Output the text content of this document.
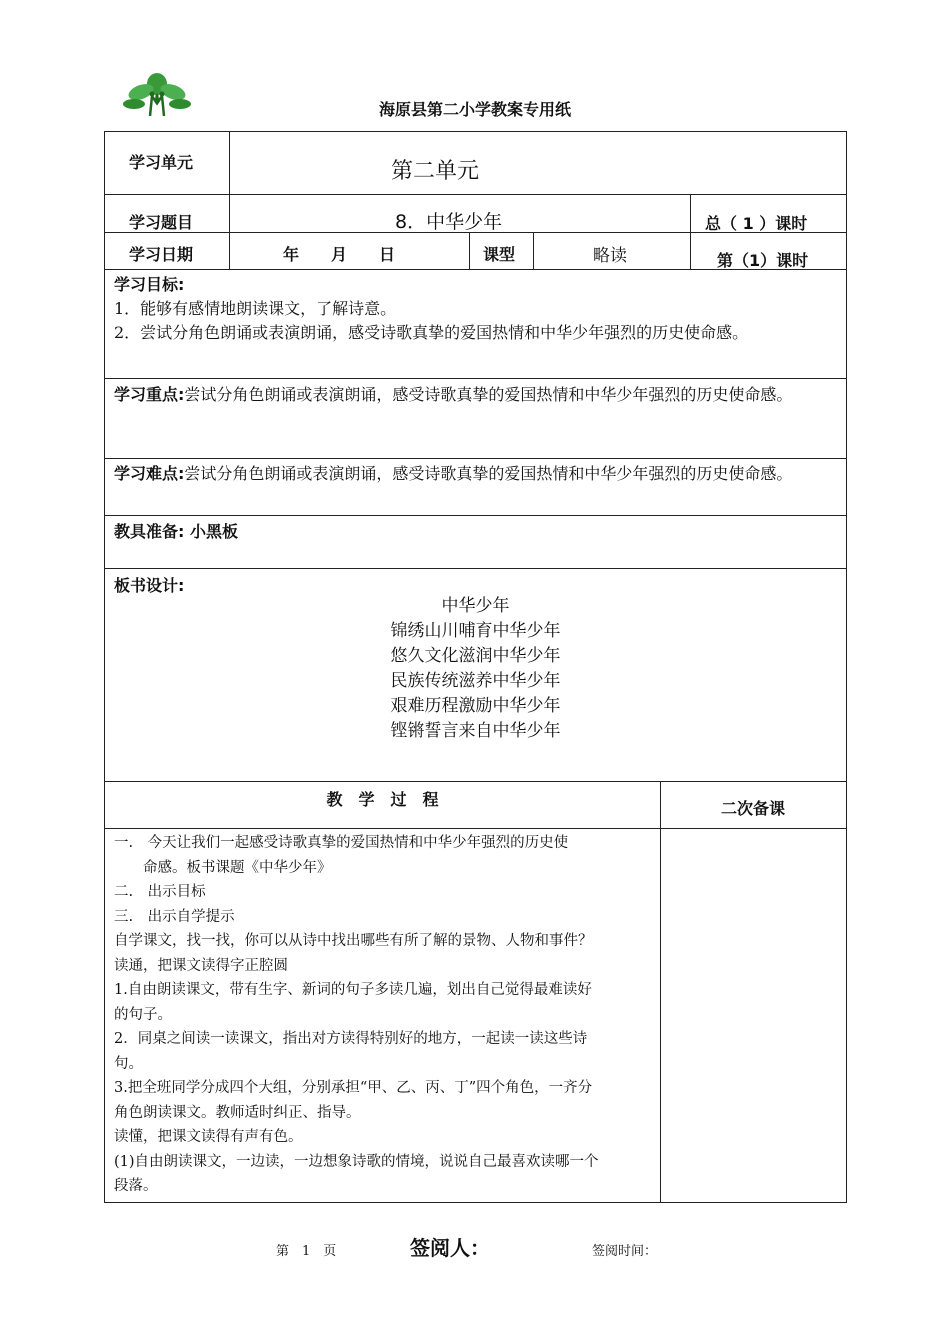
海原县第二小学教案专用纸
学习单元	第二单元
学习题目	8．中华少年	总（ 1 ）课时
学习日期	年　　月　　日	课型	略读	第（1）课时
学习目标:
1．能够有感情地朗读课文，了解诗意。
2．尝试分角色朗诵或表演朗诵，感受诗歌真挚的爱国热情和中华少年强烈的历史使命感。
学习重点:尝试分角色朗诵或表演朗诵，感受诗歌真挚的爱国热情和中华少年强烈的历史使命感。
学习难点:尝试分角色朗诵或表演朗诵，感受诗歌真挚的爱国热情和中华少年强烈的历史使命感。
教具准备: 小黑板
板书设计:
中华少年
锦绣山川哺育中华少年
悠久文化滋润中华少年
民族传统滋养中华少年
艰难历程激励中华少年
铿锵誓言来自中华少年
教　学　过　程	二次备课
一.　今天让我们一起感受诗歌真挚的爱国热情和中华少年强烈的历史使
　　命感。板书课题《中华少年》
二.　出示目标
三.　出示自学提示
自学课文，找一找，你可以从诗中找出哪些有所了解的景物、人物和事件？
读通，把课文读得字正腔圆
1.自由朗读课文，带有生字、新词的句子多读几遍，划出自己觉得最难读好
的句子。
2．同桌之间读一读课文，指出对方读得特别好的地方，一起读一读这些诗
句。
3.把全班同学分成四个大组，分别承担“甲、乙、丙、丁”四个角色，一齐分
角色朗读课文。教师适时纠正、指导。
读懂，把课文读得有声有色。
(1)自由朗读课文，一边读，一边想象诗歌的情境，说说自己最喜欢读哪一个
段落。
第　1　页	签阅人：	签阅时间：
